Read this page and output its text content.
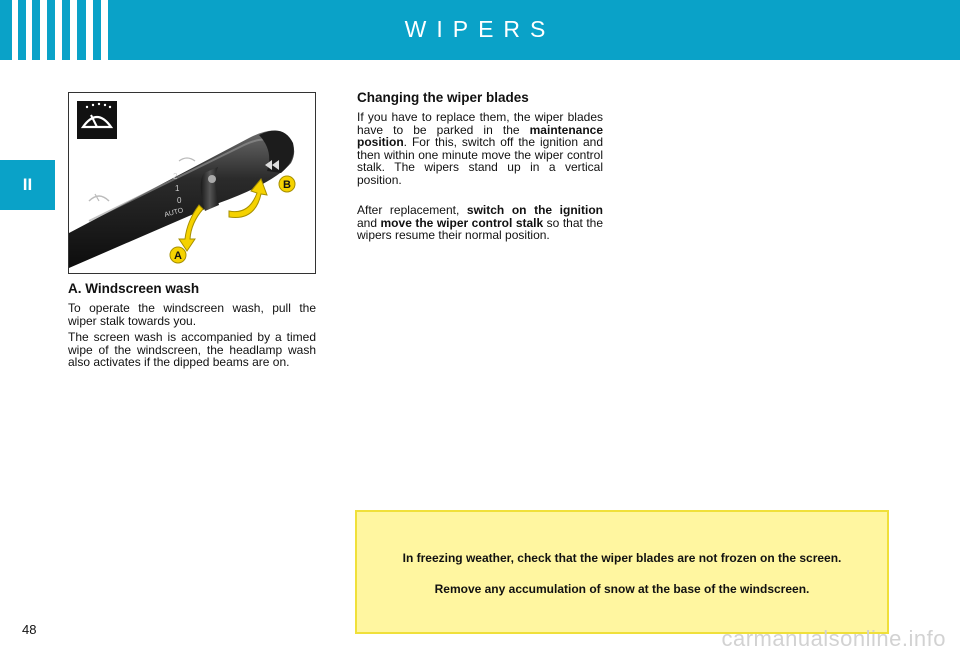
WIPERS
II	2
1
0
AUTO
A
B
A. Windscreen wash

To operate the windscreen wash, pull the wiper stalk towards you.

The screen wash is accompanied by a timed wipe of the windscreen, the headlamp wash also activates if the dipped beams are on.

Changing the wiper blades

If you have to replace them, the wiper blades have to be parked in the maintenance position. For this, switch off the ignition and then within one minute move the wiper control stalk. The wipers stand up in a vertical position.

After replacement, switch on the ignition and move the wiper control stalk so that the wipers resume their normal position.

In freezing weather, check that the wiper blades are not frozen on the screen.

Remove any accumulation of snow at the base of the windscreen.

48	carmanualsonline.info
